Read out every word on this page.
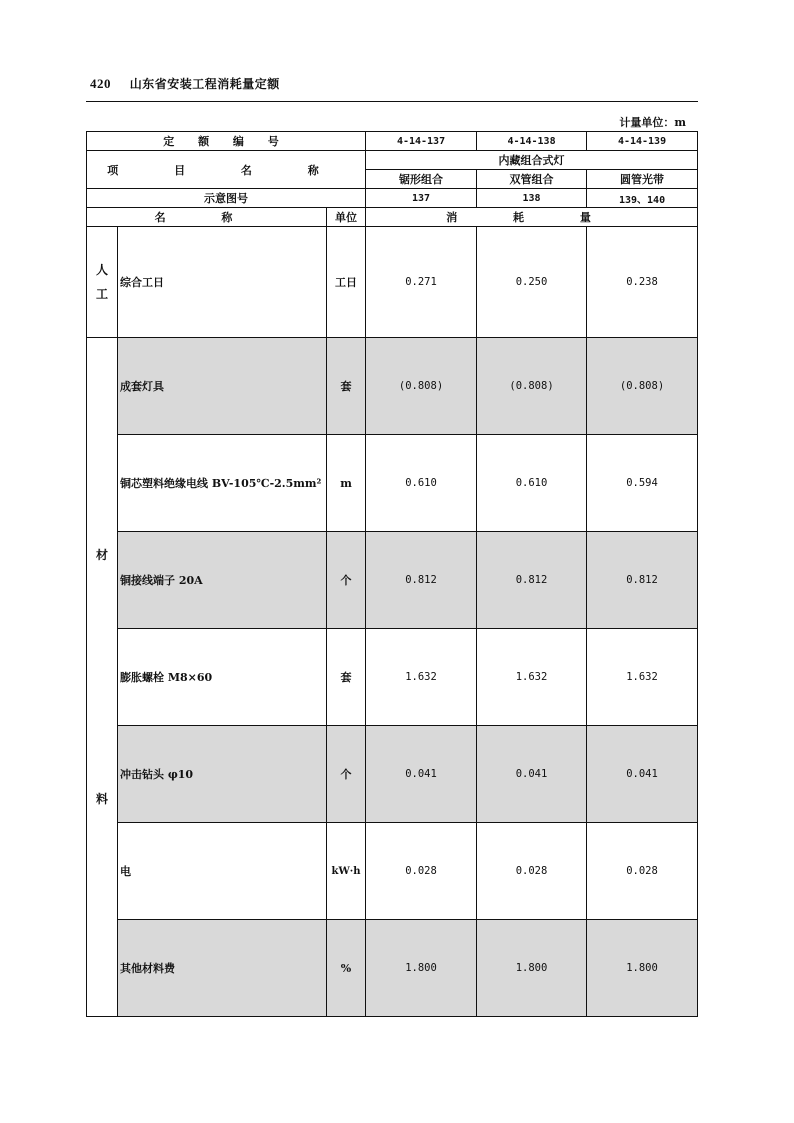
420 山东省安装工程消耗量定额
计量单位：m
定 额 编 号			4-14-137	4-14-138	4-14-139
项 目 名 称			内藏组合式灯		
			锯形组合	双管组合	圆管光带
示意图号			137	138	139、140
名 称		单位	消 耗 量		

人
工	综合工日	工日	0.271	0.250	0.238

材
料	成套灯具	套	(0.808)	(0.808)	(0.808)
	铜芯塑料绝缘电线 BV-105℃-2.5mm²	m	0.610	0.610	0.594
	铜接线端子 20A	个	0.812	0.812	0.812
	膨胀螺栓 M8×60	套	1.632	1.632	1.632
	冲击钻头 φ10	个	0.041	0.041	0.041
	电	kW·h	0.028	0.028	0.028
	其他材料费	%	1.800	1.800	1.800
